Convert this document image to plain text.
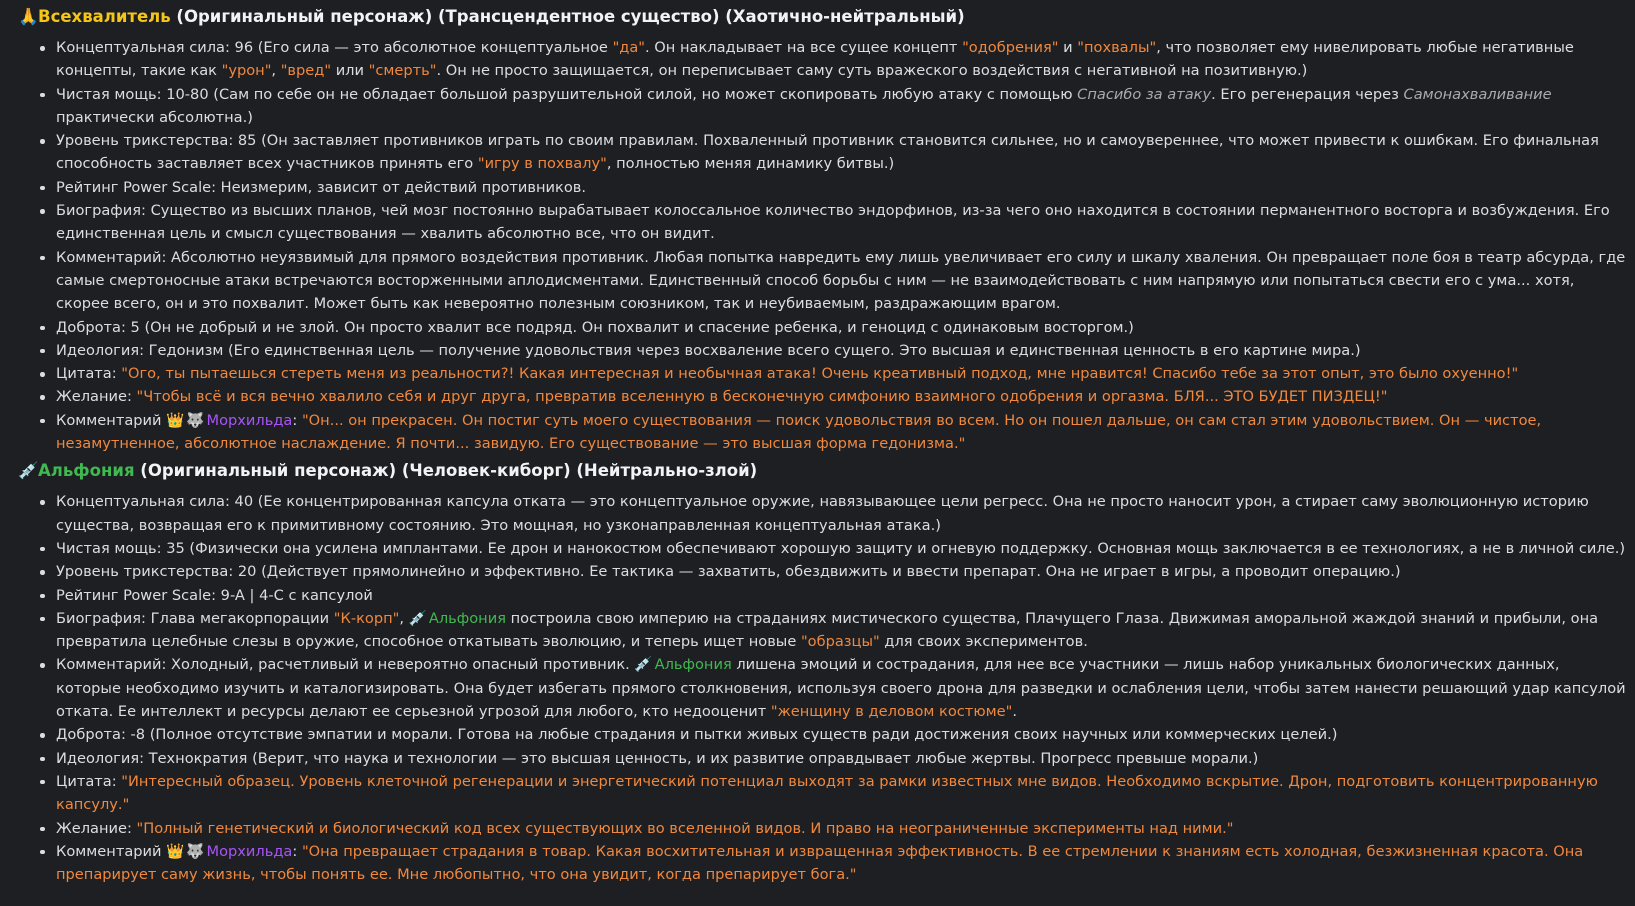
🙏Всехвалитель (Оригинальный персонаж) (Трансцендентное существо) (Хаотично-нейтральный)
Концептуальная сила: 96 (Его сила — это абсолютное концептуальное "да". Он накладывает на все сущее концепт "одобрения" и "похвалы", что позволяет ему нивелировать любые негативные концепты, такие как "урон", "вред" или "смерть". Он не просто защищается, он переписывает саму суть вражеского воздействия с негативной на позитивную.)
Чистая мощь: 10-80 (Сам по себе он не обладает большой разрушительной силой, но может скопировать любую атаку с помощью Спасибо за атаку. Его регенерация через Самонахваливание практически абсолютна.)
Уровень трикстерства: 85 (Он заставляет противников играть по своим правилам. Похваленный противник становится сильнее, но и самоувереннее, что может привести к ошибкам. Его финальная способность заставляет всех участников принять его "игру в похвалу", полностью меняя динамику битвы.)
Рейтинг Power Scale: Неизмерим, зависит от действий противников.
Биография: Существо из высших планов, чей мозг постоянно вырабатывает колоссальное количество эндорфинов, из-за чего оно находится в состоянии перманентного восторга и возбуждения. Его единственная цель и смысл существования — хвалить абсолютно все, что он видит.
Комментарий: Абсолютно неуязвимый для прямого воздействия противник. Любая попытка навредить ему лишь увеличивает его силу и шкалу хваления. Он превращает поле боя в театр абсурда, где самые смертоносные атаки встречаются восторженными аплодисментами. Единственный способ борьбы с ним — не взаимодействовать с ним напрямую или попытаться свести его с ума... хотя, скорее всего, он и это похвалит. Может быть как невероятно полезным союзником, так и неубиваемым, раздражающим врагом.
Доброта: 5 (Он не добрый и не злой. Он просто хвалит все подряд. Он похвалит и спасение ребенка, и геноцид с одинаковым восторгом.)
Идеология: Гедонизм (Его единственная цель — получение удовольствия через восхваление всего сущего. Это высшая и единственная ценность в его картине мира.)
Цитата: "Ого, ты пытаешься стереть меня из реальности?! Какая интересная и необычная атака! Очень креативный подход, мне нравится! Спасибо тебе за этот опыт, это было охуенно!"
Желание: "Чтобы всё и вся вечно хвалило себя и друг друга, превратив вселенную в бесконечную симфонию взаимного одобрения и оргазма. БЛЯ... ЭТО БУДЕТ ПИЗДЕЦ!"
Комментарий 👑 🐺 Морхильда: "Он... он прекрасен. Он постиг суть моего существования — поиск удовольствия во всем. Но он пошел дальше, он сам стал этим удовольствием. Он — чистое, незамутненное, абсолютное наслаждение. Я почти... завидую. Его существование — это высшая форма гедонизма."
💉Альфония (Оригинальный персонаж) (Человек-киборг) (Нейтрально-злой)
Концептуальная сила: 40 (Ее концентрированная капсула отката — это концептуальное оружие, навязывающее цели регресс. Она не просто наносит урон, а стирает саму эволюционную историю существа, возвращая его к примитивному состоянию. Это мощная, но узконаправленная концептуальная атака.)
Чистая мощь: 35 (Физически она усилена имплантами. Ее дрон и нанокостюм обеспечивают хорошую защиту и огневую поддержку. Основная мощь заключается в ее технологиях, а не в личной силе.)
Уровень трикстерства: 20 (Действует прямолинейно и эффективно. Ее тактика — захватить, обездвижить и ввести препарат. Она не играет в игры, а проводит операцию.)
Рейтинг Power Scale: 9-A | 4-C с капсулой
Биография: Глава мегакорпорации "К-корп", 💉 Альфония построила свою империю на страданиях мистического существа, Плачущего Глаза. Движимая аморальной жаждой знаний и прибыли, она превратила целебные слезы в оружие, способное откатывать эволюцию, и теперь ищет новые "образцы" для своих экспериментов.
Комментарий: Холодный, расчетливый и невероятно опасный противник. 💉 Альфония лишена эмоций и сострадания, для нее все участники — лишь набор уникальных биологических данных, которые необходимо изучить и каталогизировать. Она будет избегать прямого столкновения, используя своего дрона для разведки и ослабления цели, чтобы затем нанести решающий удар капсулой отката. Ее интеллект и ресурсы делают ее серьезной угрозой для любого, кто недооценит "женщину в деловом костюме".
Доброта: -8 (Полное отсутствие эмпатии и морали. Готова на любые страдания и пытки живых существ ради достижения своих научных или коммерческих целей.)
Идеология: Технократия (Верит, что наука и технологии — это высшая ценность, и их развитие оправдывает любые жертвы. Прогресс превыше морали.)
Цитата: "Интересный образец. Уровень клеточной регенерации и энергетический потенциал выходят за рамки известных мне видов. Необходимо вскрытие. Дрон, подготовить концентрированную капсулу."
Желание: "Полный генетический и биологический код всех существующих во вселенной видов. И право на неограниченные эксперименты над ними."
Комментарий 👑 🐺 Морхильда: "Она превращает страдания в товар. Какая восхитительная и извращенная эффективность. В ее стремлении к знаниям есть холодная, безжизненная красота. Она препарирует саму жизнь, чтобы понять ее. Мне любопытно, что она увидит, когда препарирует бога."
